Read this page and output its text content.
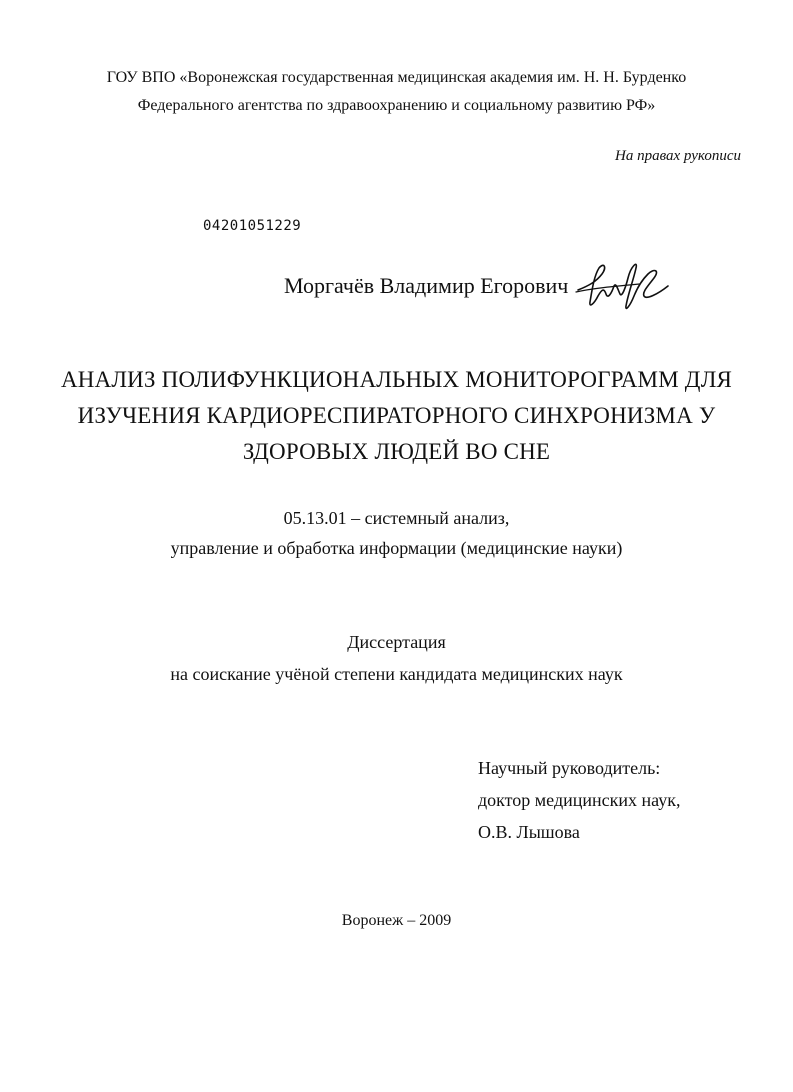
ГОУ ВПО «Воронежская государственная медицинская академия им. Н. Н. Бурденко
Федерального агентства по здравоохранению и социальному развитию РФ»
На правах рукописи
04201051229
Моргачёв Владимир Егорович
АНАЛИЗ ПОЛИФУНКЦИОНАЛЬНЫХ МОНИТОРОГРАММ ДЛЯ
ИЗУЧЕНИЯ КАРДИОРЕСПИРАТОРНОГО СИНХРОНИЗМА У
ЗДОРОВЫХ ЛЮДЕЙ ВО СНЕ
05.13.01 – системный анализ,
управление и обработка информации (медицинские науки)
Диссертация
на соискание учёной степени кандидата медицинских наук
Научный руководитель:
доктор медицинских наук,
О.В. Лышова
Воронеж – 2009
